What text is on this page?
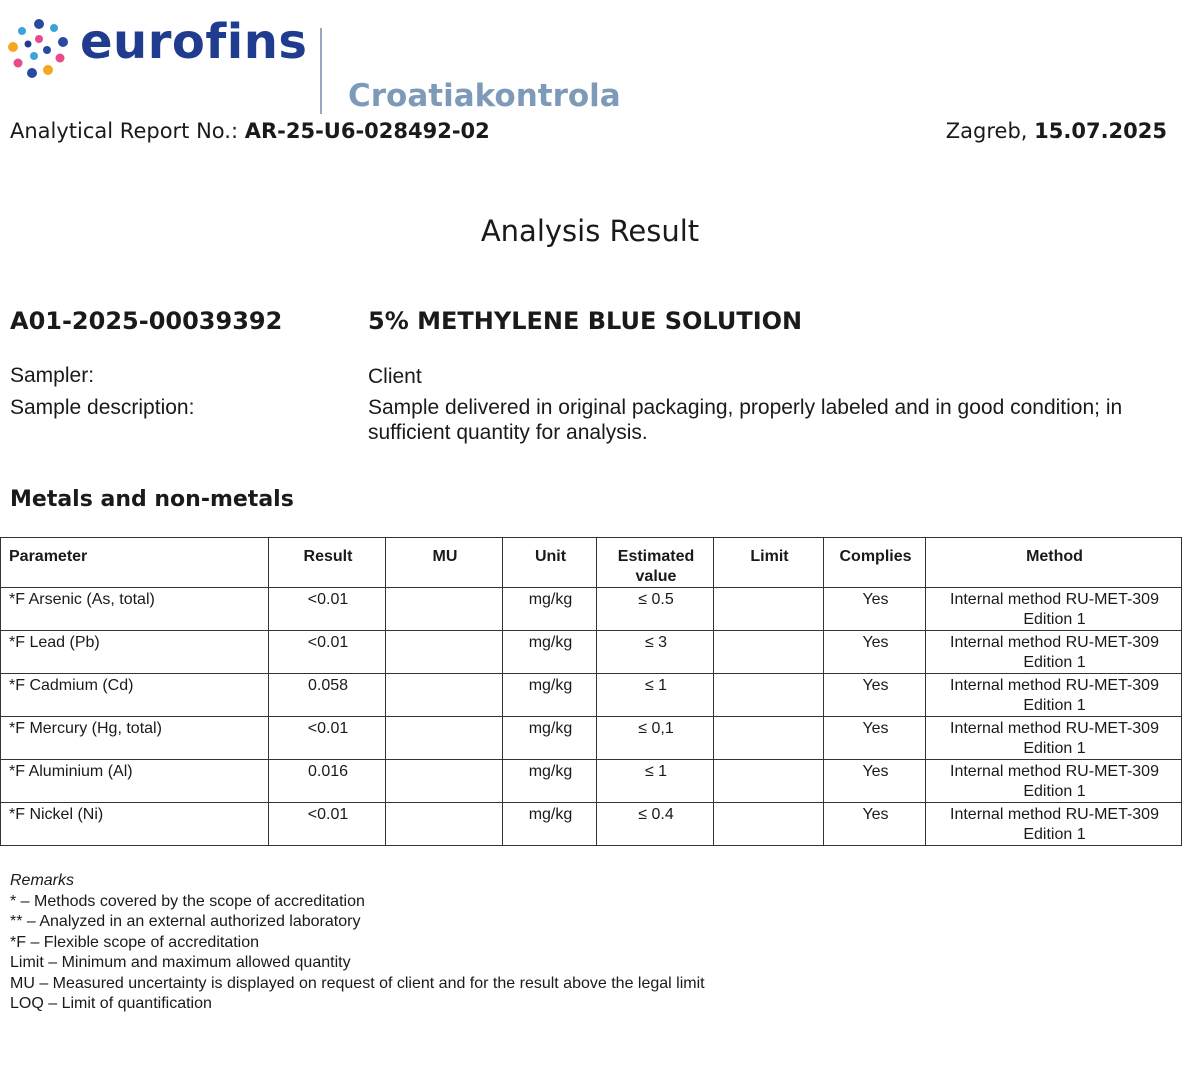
eurofins
Croatiakontrola
Analytical Report No.: AR-25-U6-028492-02	Zagreb, 15.07.2025
Analysis Result
A01-2025-00039392	5% METHYLENE BLUE SOLUTION
Sampler:	Client
Sample description:	Sample delivered in original packaging, properly labeled and in good condition; in sufficient quantity for analysis.
Metals and non-metals
Parameter	Result	MU	Unit	Estimated value	Limit	Complies	Method
*F Arsenic (As, total)	<0.01		mg/kg	≤ 0.5		Yes	Internal method RU-MET-309
Edition 1

*F Lead (Pb)	<0.01		mg/kg	≤ 3		Yes	Internal method RU-MET-309
Edition 1

*F Cadmium (Cd)	0.058		mg/kg	≤ 1		Yes	Internal method RU-MET-309
Edition 1

*F Mercury (Hg, total)	<0.01		mg/kg	≤ 0,1		Yes	Internal method RU-MET-309
Edition 1

*F Aluminium (Al)	0.016		mg/kg	≤ 1		Yes	Internal method RU-MET-309
Edition 1

*F Nickel (Ni)	<0.01		mg/kg	≤ 0.4		Yes	Internal method RU-MET-309
Edition 1
Remarks
* – Methods covered by the scope of accreditation
** – Analyzed in an external authorized laboratory
*F – Flexible scope of accreditation
Limit – Minimum and maximum allowed quantity
MU – Measured uncertainty is displayed on request of client and for the result above the legal limit
LOQ – Limit of quantification
